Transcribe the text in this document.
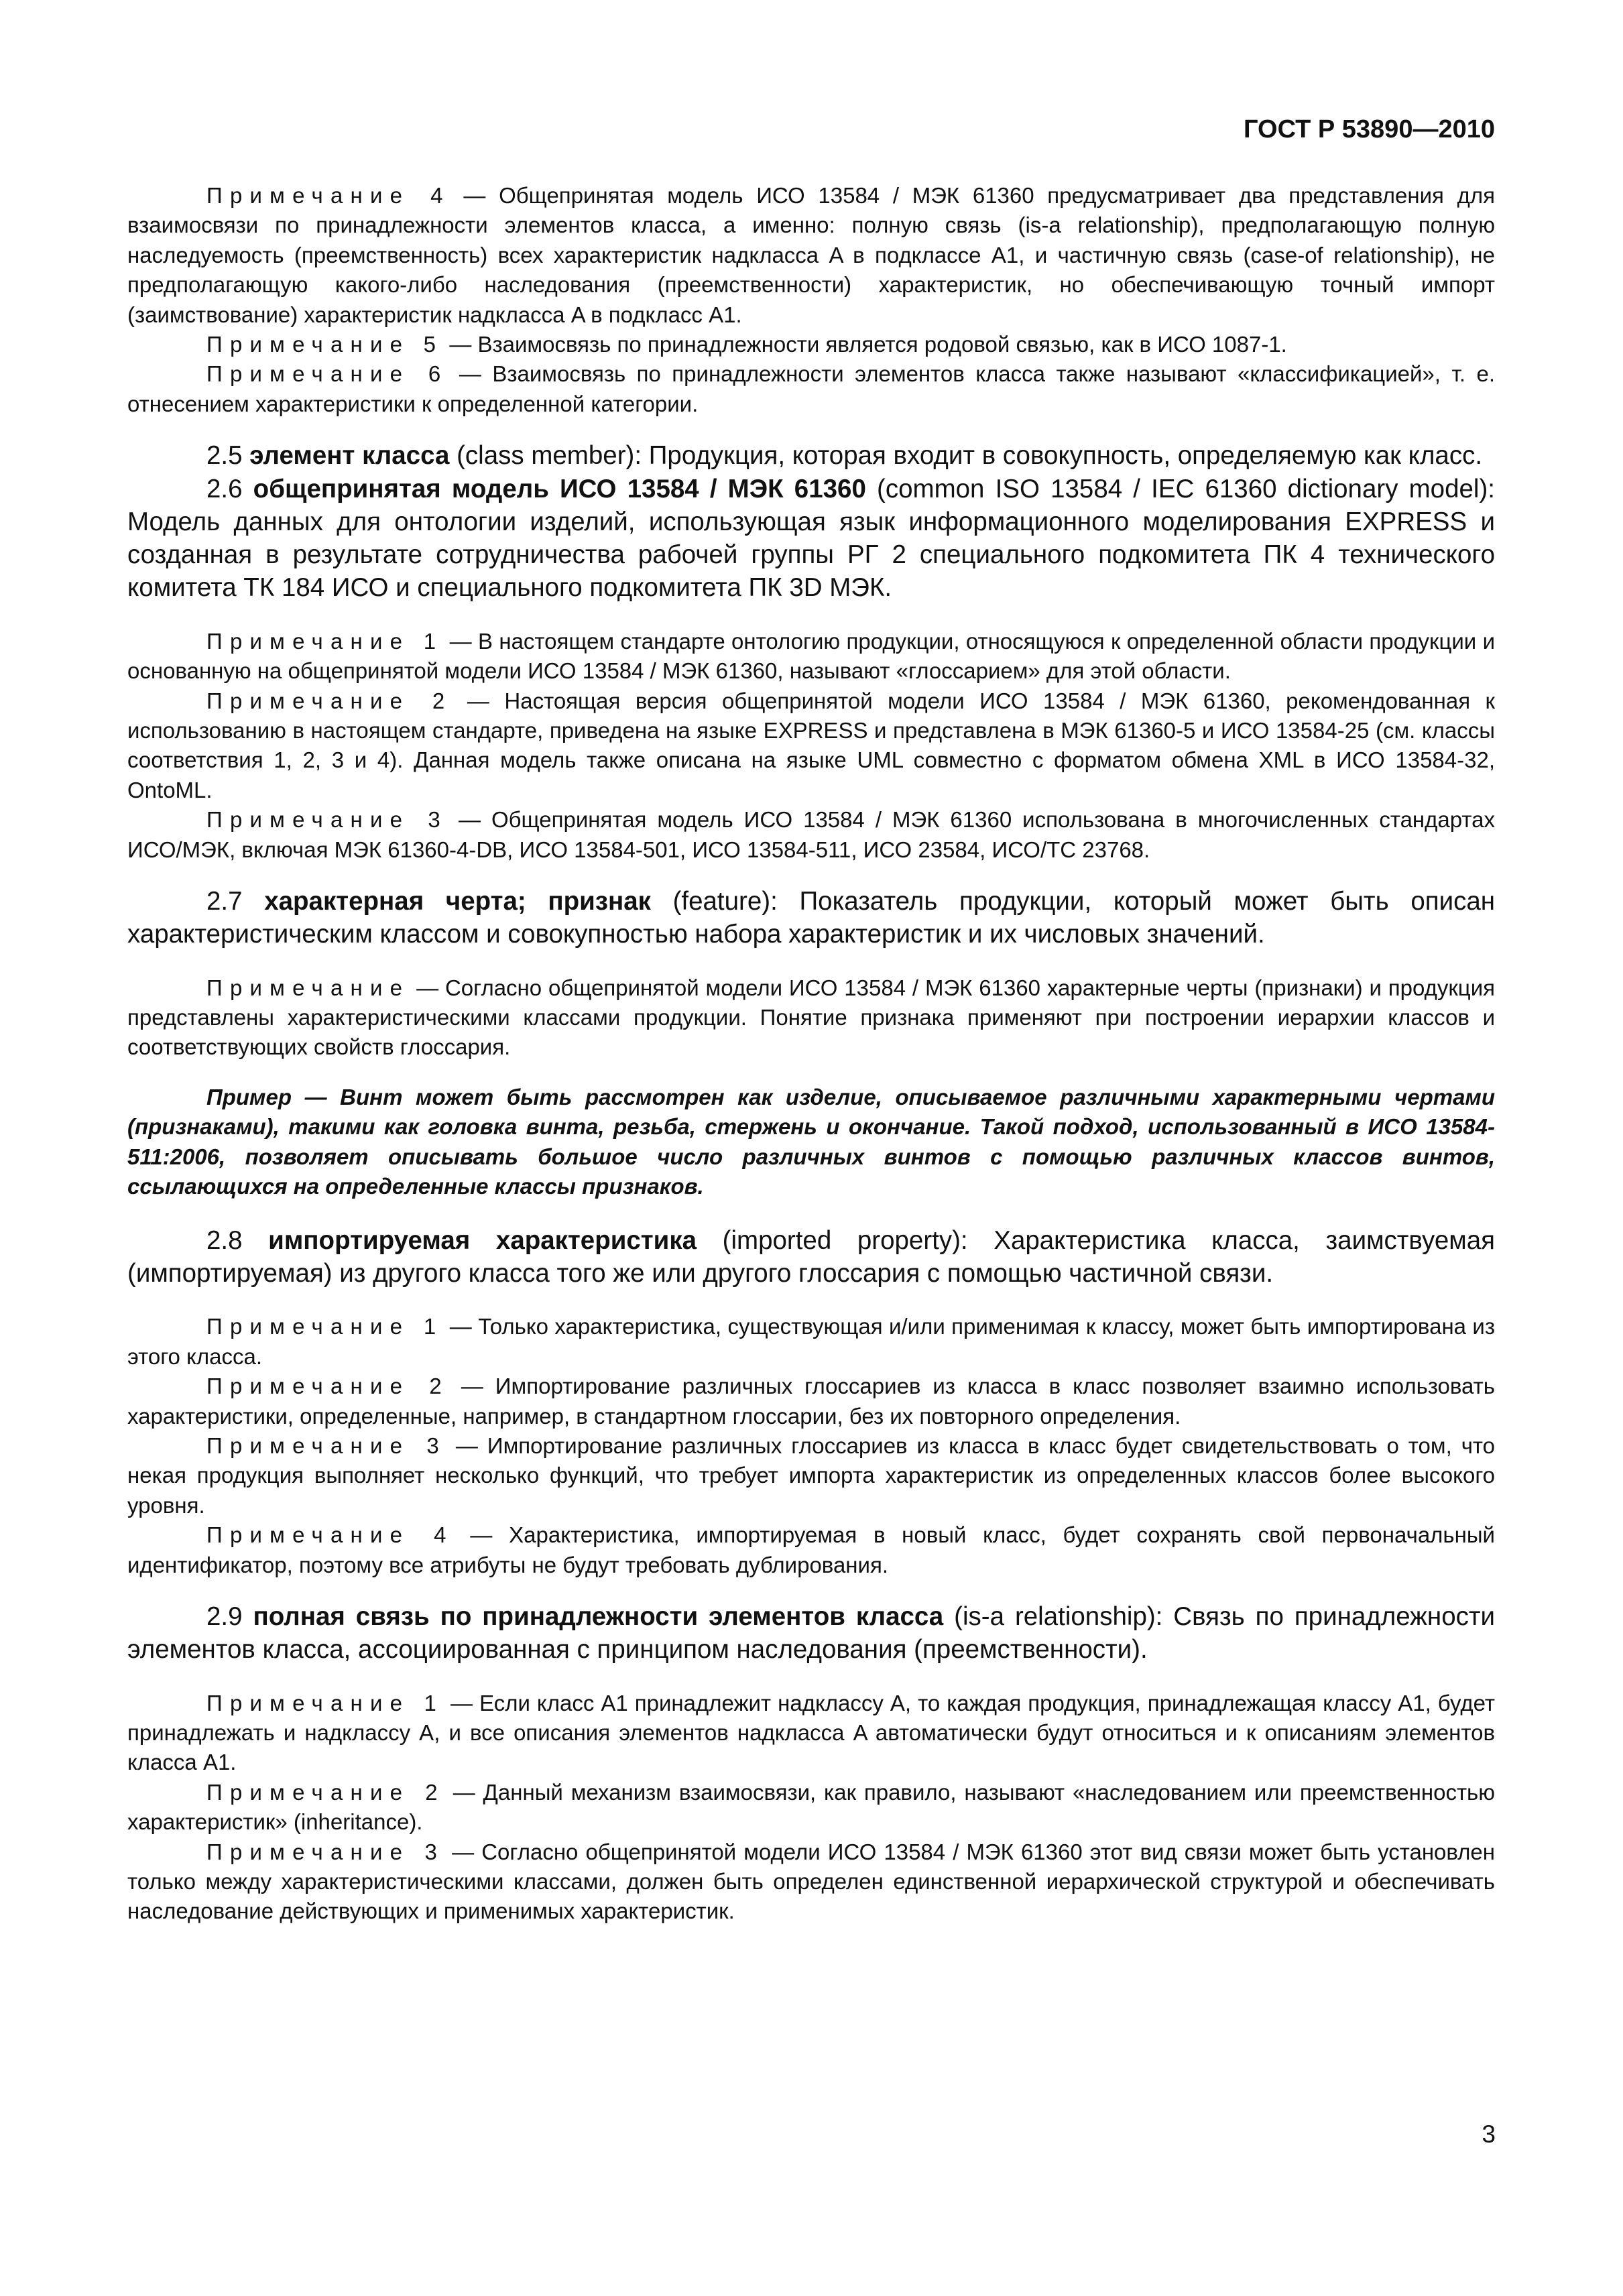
ГОСТ Р 53890—2010

Примечание 4 — Общепринятая модель ИСО 13584 / МЭК 61360 предусматривает два представления для взаимосвязи по принадлежности элементов класса, а именно: полную связь (is-a relationship), предполагающую полную наследуемость (преемственность) всех характеристик надкласса A в подклассе A1, и частичную связь (case-of relationship), не предполагающую какого-либо наследования (преемственности) характеристик, но обеспечивающую точный импорт (заимствование) характеристик надкласса A в подкласс A1.

Примечание 5 — Взаимосвязь по принадлежности является родовой связью, как в ИСО 1087-1.

Примечание 6 — Взаимосвязь по принадлежности элементов класса также называют «классификацией», т. е. отнесением характеристики к определенной категории.

2.5 элемент класса (class member): Продукция, которая входит в совокупность, определяемую как класс.

2.6 общепринятая модель ИСО 13584 / МЭК 61360 (common ISO 13584 / IEC 61360 dictionary model): Модель данных для онтологии изделий, использующая язык информационного моделирования EXPRESS и созданная в результате сотрудничества рабочей группы РГ 2 специального подкомитета ПК 4 технического комитета ТК 184 ИСО и специального подкомитета ПК 3D МЭК.

Примечание 1 — В настоящем стандарте онтологию продукции, относящуюся к определенной области продукции и основанную на общепринятой модели ИСО 13584 / МЭК 61360, называют «глоссарием» для этой области.

Примечание 2 — Настоящая версия общепринятой модели ИСО 13584 / МЭК 61360, рекомендованная к использованию в настоящем стандарте, приведена на языке EXPRESS и представлена в МЭК 61360-5 и ИСО 13584-25 (см. классы соответствия 1, 2, 3 и 4). Данная модель также описана на языке UML совместно с форматом обмена XML в ИСО 13584-32, OntoML.

Примечание 3 — Общепринятая модель ИСО 13584 / МЭК 61360 использована в многочисленных стандартах ИСО/МЭК, включая МЭК 61360-4-DB, ИСО 13584-501, ИСО 13584-511, ИСО 23584, ИСО/ТС 23768.

2.7 характерная черта; признак (feature): Показатель продукции, который может быть описан характеристическим классом и совокупностью набора характеристик и их числовых значений.

Примечание — Согласно общепринятой модели ИСО 13584 / МЭК 61360 характерные черты (признаки) и продукция представлены характеристическими классами продукции. Понятие признака применяют при построении иерархии классов и соответствующих свойств глоссария.

Пример — Винт может быть рассмотрен как изделие, описываемое различными характерными чертами (признаками), такими как головка винта, резьба, стержень и окончание. Такой подход, использованный в ИСО 13584-511:2006, позволяет описывать большое число различных винтов с помощью различных классов винтов, ссылающихся на определенные классы признаков.

2.8 импортируемая характеристика (imported property): Характеристика класса, заимствуемая (импортируемая) из другого класса того же или другого глоссария с помощью частичной связи.

Примечание 1 — Только характеристика, существующая и/или применимая к классу, может быть импортирована из этого класса.

Примечание 2 — Импортирование различных глоссариев из класса в класс позволяет взаимно использовать характеристики, определенные, например, в стандартном глоссарии, без их повторного определения.

Примечание 3 — Импортирование различных глоссариев из класса в класс будет свидетельствовать о том, что некая продукция выполняет несколько функций, что требует импорта характеристик из определенных классов более высокого уровня.

Примечание 4 — Характеристика, импортируемая в новый класс, будет сохранять свой первоначальный идентификатор, поэтому все атрибуты не будут требовать дублирования.

2.9 полная связь по принадлежности элементов класса (is-a relationship): Связь по принадлежности элементов класса, ассоциированная с принципом наследования (преемственности).

Примечание 1 — Если класс A1 принадлежит надклассу A, то каждая продукция, принадлежащая классу A1, будет принадлежать и надклассу A, и все описания элементов надкласса A автоматически будут относиться и к описаниям элементов класса A1.

Примечание 2 — Данный механизм взаимосвязи, как правило, называют «наследованием или преемственностью характеристик» (inheritance).

Примечание 3 — Согласно общепринятой модели ИСО 13584 / МЭК 61360 этот вид связи может быть установлен только между характеристическими классами, должен быть определен единственной иерархической структурой и обеспечивать наследование действующих и применимых характеристик.

3
